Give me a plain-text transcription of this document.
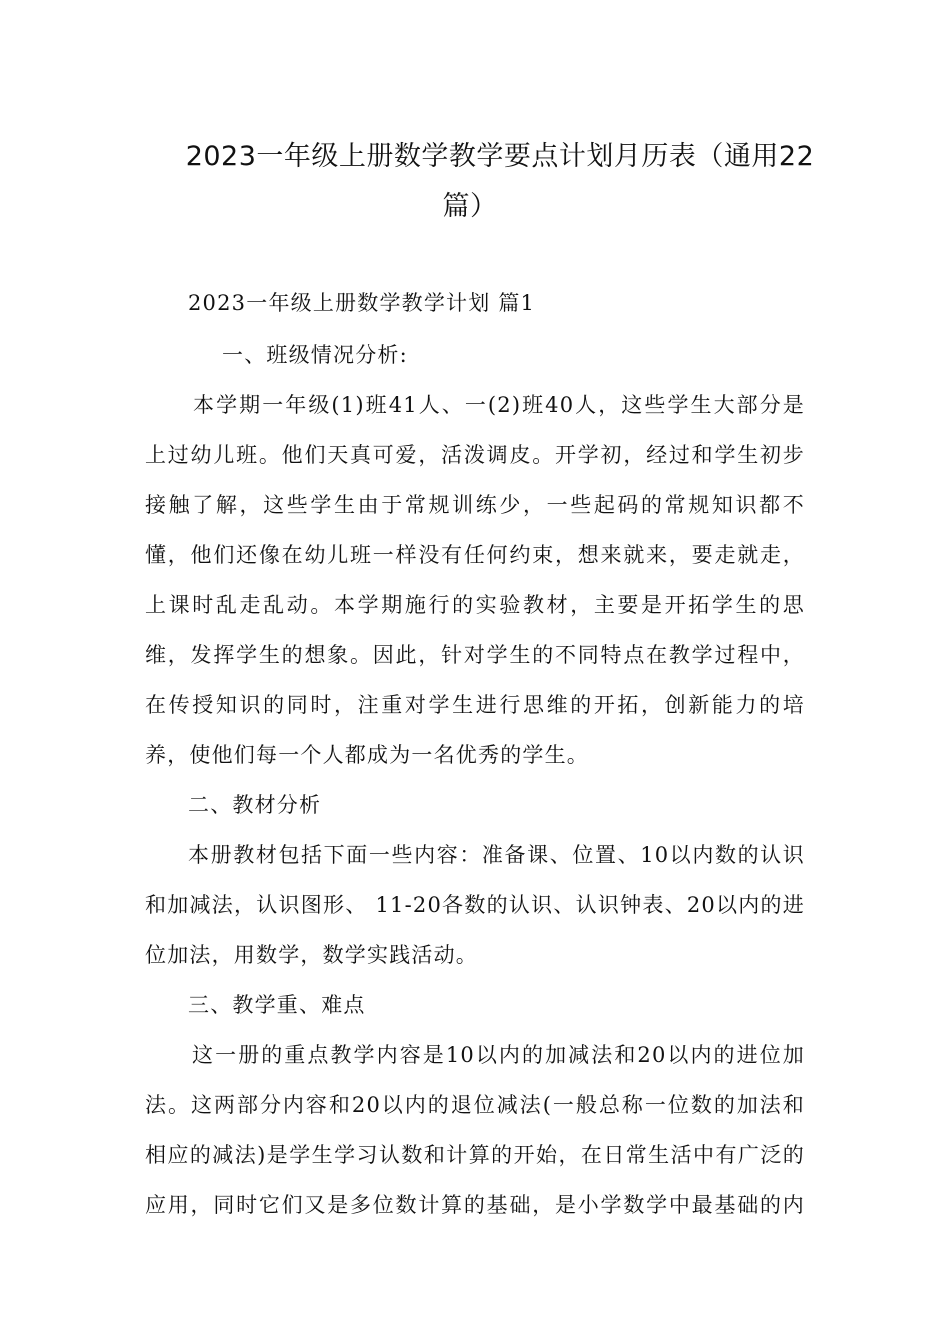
2023一年级上册数学教学要点计划月历表（通用22
篇）
2023一年级上册数学教学计划 篇1
一、班级情况分析:
本学期一年级(1)班41人、一(2)班40人，这些学生大部分是
上过幼儿班。他们天真可爱，活泼调皮。开学初，经过和学生初步
接触了解，这些学生由于常规训练少，一些起码的常规知识都不
懂，他们还像在幼儿班一样没有任何约束，想来就来，要走就走，
上课时乱走乱动。本学期施行的实验教材，主要是开拓学生的思
维，发挥学生的想象。因此，针对学生的不同特点在教学过程中，
在传授知识的同时，注重对学生进行思维的开拓，创新能力的培
养，使他们每一个人都成为一名优秀的学生。
二、教材分析
本册教材包括下面一些内容：准备课、位置、10以内数的认识
和加减法，认识图形、 11-20各数的认识、认识钟表、20以内的进
位加法，用数学，数学实践活动。
三、教学重、难点
这一册的重点教学内容是10以内的加减法和20以内的进位加
法。这两部分内容和20以内的退位减法(一般总称一位数的加法和
相应的减法)是学生学习认数和计算的开始，在日常生活中有广泛的
应用，同时它们又是多位数计算的基础，是小学数学中最基础的内
